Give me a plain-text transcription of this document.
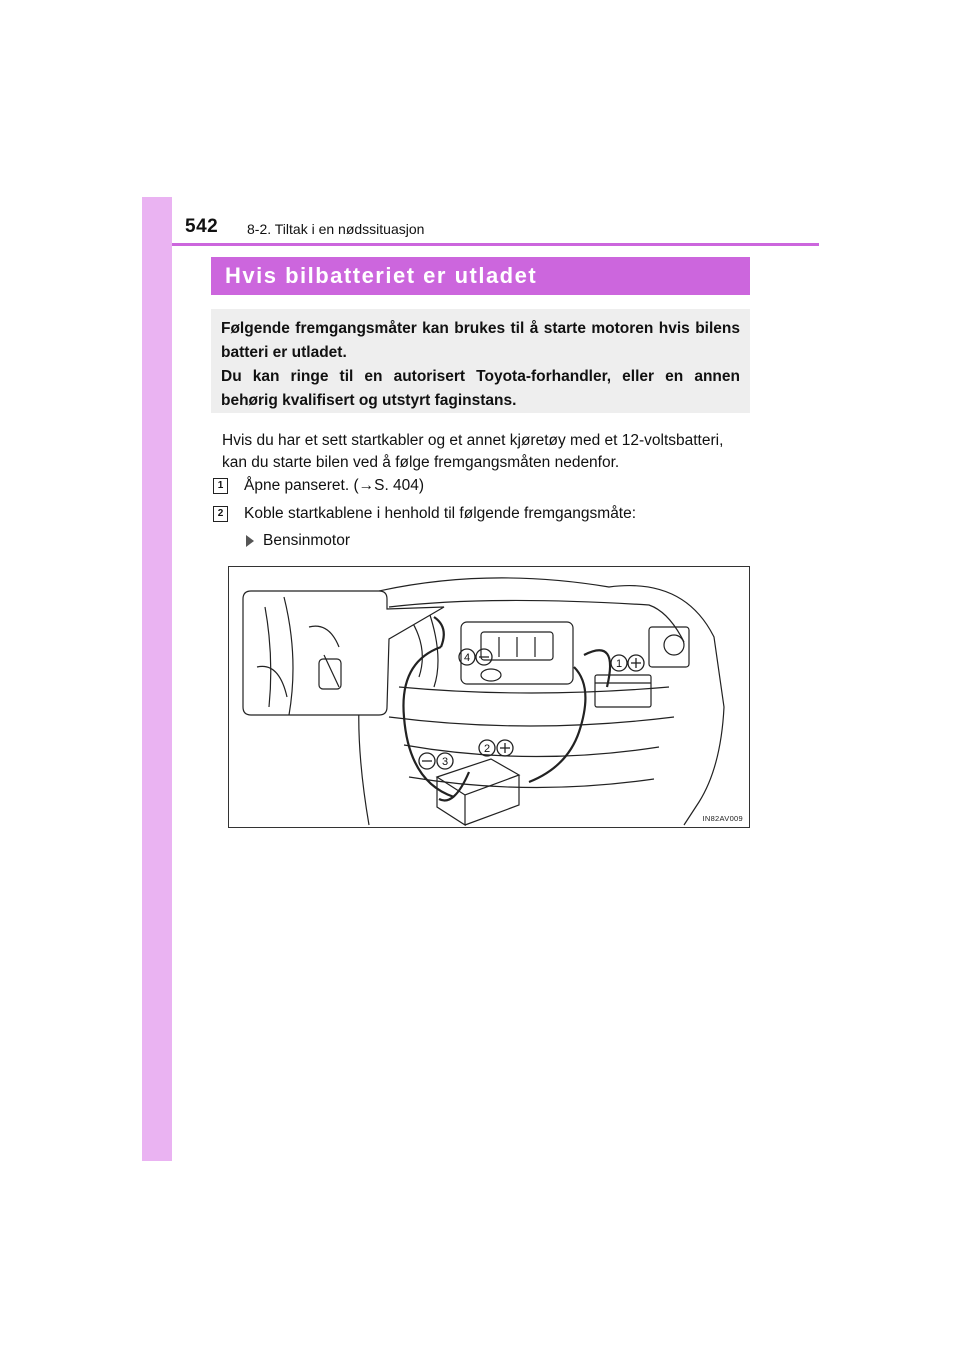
542 8-2. Tiltak i en nødssituasjon
Hvis bilbatteriet er utladet

Følgende fremgangsmåter kan brukes til å starte motoren hvis bilens batteri er utladet.

Du kan ringe til en autorisert Toyota-forhandler, eller en annen behørig kvalifisert og utstyrt faginstans.

Hvis du har et sett startkabler og et annet kjøretøy med et 12-voltsbatteri, kan du starte bilen ved å følge fremgangsmåten nedenfor.
1	Åpne panseret. (→S. 404)
2	Koble startkablene i henhold til følgende fremgangsmåte:
Bensinmotor
4	1
2
3
IN82AV009
